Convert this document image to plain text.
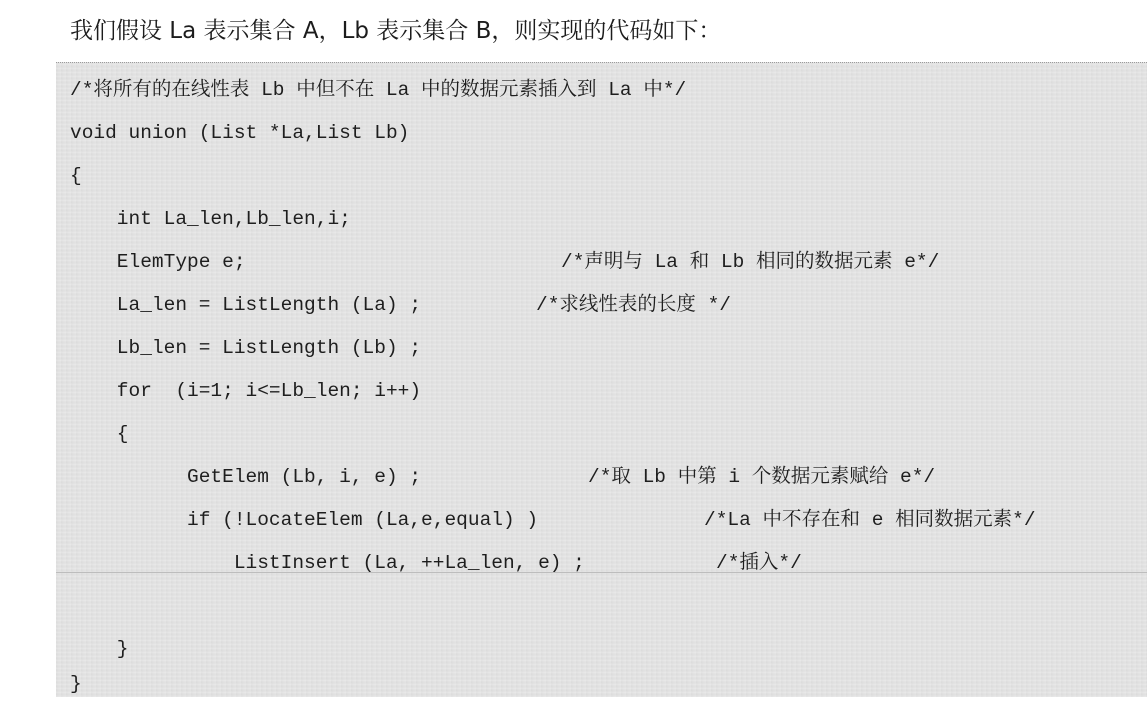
我们假设 La 表示集合 A，Lb 表示集合 B，则实现的代码如下：
/*将所有的在线性表 Lb 中但不在 La 中的数据元素插入到 La 中*/
void union (List *La,List Lb)
{
int La_len,Lb_len,i;
ElemType e;	/*声明与 La 和 Lb 相同的数据元素 e*/
La_len = ListLength (La) ;	/*求线性表的长度 */
Lb_len = ListLength (Lb) ;
for  (i=1; i<=Lb_len; i++)
{
GetElem (Lb, i, e) ;	/*取 Lb 中第 i 个数据元素赋给 e*/
if (!LocateElem (La,e,equal) )	/*La 中不存在和 e 相同数据元素*/
ListInsert (La, ++La_len, e) ;	/*插入*/
}
}
